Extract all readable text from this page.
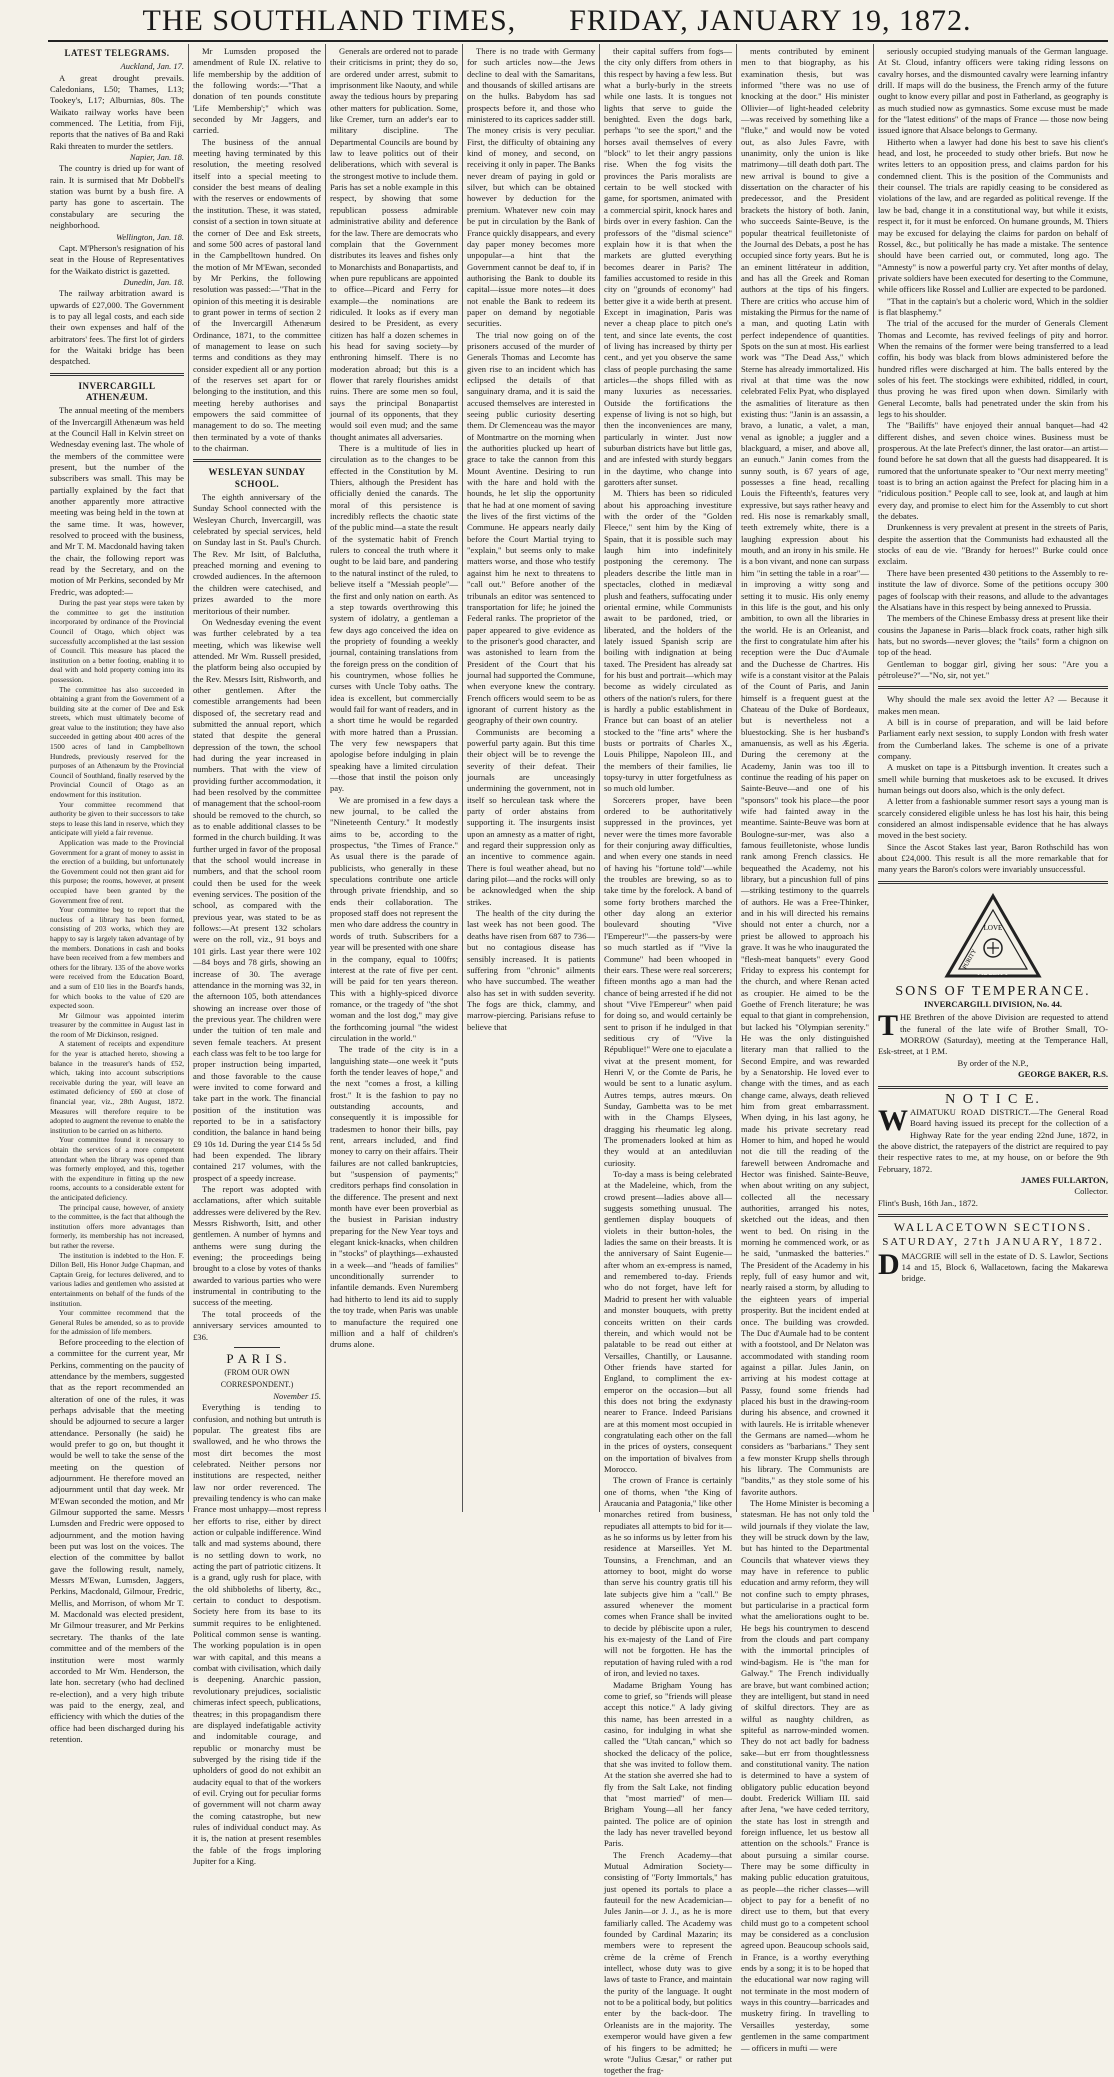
THE SOUTHLAND TIMES, FRIDAY, JANUARY 19, 1872.
LATEST TELEGRAMS.
Auckland, Jan. 17.

A great drought prevails. Caledonians, L50; Thames, L13; Tookey's, L17; Alburnias, 80s. The Waikato railway works have been commenced. The Letitia, from Fiji, reports that the natives of Ba and Raki Raki threaten to murder the settlers.

Napier, Jan. 18.

The country is dried up for want of rain. It is surmised that Mr Dobbell's station was burnt by a bush fire. A party has gone to ascertain. The constabulary are securing the neighborhood.

Wellington, Jan. 18.

Capt. M'Pherson's resignation of his seat in the House of Representatives for the Waikato district is gazetted.

Dunedin, Jan. 18.

The railway arbitration award is upwards of £27,000. The Government is to pay all legal costs, and each side their own expenses and half of the arbitrators' fees. The first lot of girders for the Waitaki bridge has been despatched.

INVERCARGILL ATHENÆUM.

The annual meeting of the members of the Invercargill Athenæum was held at the Council Hall in Kelvin street on Wednesday evening last. The whole of the members of the committee were present, but the number of the subscribers was small. This may be partially explained by the fact that another apparently more attractive meeting was being held in the town at the same time. It was, however, resolved to proceed with the business, and Mr T. M. Macdonald having taken the chair, the following report was read by the Secretary, and on the motion of Mr Perkins, seconded by Mr Fredric, was adopted:—

During the past year steps were taken by the committee to get the institution incorporated by ordinance of the Provincial Council of Otago, which object was successfully accomplished at the last session of Council. This measure has placed the institution on a better footing, enabling it to deal with and hold property coming into its possession.

The committee has also succeeded in obtaining a grant from the Government of a building site at the corner of Dee and Esk streets, which must ultimately become of great value to the institution; they have also succeeded in getting about 400 acres of the 1500 acres of land in Campbelltown Hundreds, previously reserved for the purposes of an Athenæum by the Provincial Council of Southland, finally reserved by the Provincial Council of Otago as an endowment for this institution.

Your committee recommend that authority be given to their successors to take steps to lease this land in reserve, which they anticipate will yield a fair revenue.

Application was made to the Provincial Government for a grant of money to assist in the erection of a building, but unfortunately the Government could not then grant aid for this purpose; the rooms, however, at present occupied have been granted by the Government free of rent.

Your committee beg to report that the nucleus of a library has been formed, consisting of 203 works, which they are happy to say is largely taken advantage of by the members. Donations in cash and books have been received from a few members and others for the library. 135 of the above works were received from the Education Board, and a sum of £10 lies in the Board's hands, for which books to the value of £20 are expected soon.

Mr Gilmour was appointed interim treasurer by the committee in August last in the room of Mr Dickinson, resigned.

A statement of receipts and expenditure for the year is attached hereto, showing a balance in the treasurer's hands of £52, which, taking into account subscriptions receivable during the year, will leave an estimated deficiency of £60 at close of financial year, viz., 28th August, 1872. Measures will therefore require to be adopted to augment the revenue to enable the institution to be carried on as hitherto.

Your committee found it necessary to obtain the services of a more competent attendant when the library was opened than was formerly employed, and this, together with the expenditure in fitting up the new rooms, accounts to a considerable extent for the anticipated deficiency.

The principal cause, however, of anxiety to the committee, is the fact that although the institution offers more advantages than formerly, its membership has not increased, but rather the reverse.

The institution is indebted to the Hon. F. Dillon Bell, His Honor Judge Chapman, and Captain Greig, for lectures delivered, and to various ladies and gentlemen who assisted at entertainments on behalf of the funds of the institution.

Your committee recommend that the General Rules be amended, so as to provide for the admission of life members.

Before proceeding to the election of a committee for the current year, Mr Perkins, commenting on the paucity of attendance by the members, suggested that as the report recommended an alteration of one of the rules, it was perhaps advisable that the meeting should be adjourned to secure a larger attendance. Personally (he said) he would prefer to go on, but thought it would be well to take the sense of the meeting on the question of adjournment. He therefore moved an adjournment until that day week. Mr M'Ewan seconded the motion, and Mr Gilmour supported the same. Messrs Lumsden and Fredric were opposed to adjournment, and the motion having been put was lost on the voices. The election of the committee by ballot gave the following result, namely, Messrs M'Ewan, Lumsden, Jaggers, Perkins, Macdonald, Gilmour, Fredric, Mellis, and Morrison, of whom Mr T. M. Macdonald was elected president, Mr Gilmour treasurer, and Mr Perkins secretary. The thanks of the late committee and of the members of the institution were most warmly accorded to Mr Wm. Henderson, the late hon. secretary (who had declined re-election), and a very high tribute was paid to the energy, zeal, and efficiency with which the duties of the office had been discharged during his retention.

Mr Lumsden proposed the amendment of Rule IX. relative to life membership by the addition of the following words:—"That a donation of ten pounds constitute 'Life Membership';" which was seconded by Mr Jaggers, and carried.

The business of the annual meeting having terminated by this resolution, the meeting resolved itself into a special meeting to consider the best means of dealing with the reserves or endowments of the institution. These, it was stated, consist of a section in town situate at the corner of Dee and Esk streets, and some 500 acres of pastoral land in the Campbelltown hundred. On the motion of Mr M'Ewan, seconded by Mr Perkins, the following resolution was passed:—"That in the opinion of this meeting it is desirable to grant power in terms of section 2 of the Invercargill Athenæum Ordinance, 1871, to the committee of management to lease on such terms and conditions as they may consider expedient all or any portion of the reserves set apart for or belonging to the institution, and this meeting hereby authorises and empowers the said committee of management to do so. The meeting then terminated by a vote of thanks to the chairman.

WESLEYAN SUNDAY SCHOOL.

The eighth anniversary of the Sunday School connected with the Wesleyan Church, Invercargill, was celebrated by special services, held on Sunday last in St. Paul's Church. The Rev. Mr Isitt, of Balclutha, preached morning and evening to crowded audiences. In the afternoon the children were catechised, and prizes awarded to the more meritorious of their number.

On Wednesday evening the event was further celebrated by a tea meeting, which was likewise well attended. Mr Wm. Russell presided, the platform being also occupied by the Rev. Messrs Isitt, Rishworth, and other gentlemen. After the comestible arrangements had been disposed of, the secretary read and submitted the annual report, which stated that despite the general depression of the town, the school had during the year increased in numbers. That with the view of providing further accommodation, it had been resolved by the committee of management that the school-room should be removed to the church, so as to enable additional classes to be formed in the church building. It was further urged in favor of the proposal that the school would increase in numbers, and that the school room could then be used for the week evening services. The position of the school, as compared with the previous year, was stated to be as follows:—At present 132 scholars were on the roll, viz., 91 boys and 101 girls. Last year there were 102—84 boys and 78 girls, showing an increase of 30. The average attendance in the morning was 32, in the afternoon 105, both attendances showing an increase over those of the previous year. The children were under the tuition of ten male and seven female teachers. At present each class was felt to be too large for proper instruction being imparted, and those favorable to the cause were invited to come forward and take part in the work. The financial position of the institution was reported to be in a satisfactory condition, the balance in hand being £9 10s 1d. During the year £14 5s 5d had been expended. The library contained 217 volumes, with the prospect of a speedy increase.

The report was adopted with acclamations, after which suitable addresses were delivered by the Rev. Messrs Rishworth, Isitt, and other gentlemen. A number of hymns and anthems were sung during the evening; the proceedings being brought to a close by votes of thanks awarded to various parties who were instrumental in contributing to the success of the meeting.

The total proceeds of the anniversary services amounted to £36.

P A R I S.
(FROM OUR OWN CORRESPONDENT.)
November 15.

Everything is tending to confusion, and nothing but untruth is popular. The greatest fibs are swallowed, and he who throws the most dirt becomes the most celebrated. Neither persons nor institutions are respected, neither law nor order reverenced. The prevailing tendency is who can make France most unhappy—most repress her efforts to rise, either by direct action or culpable indifference. Wind talk and mad systems abound, there is no settling down to work, no acting the part of patriotic citizens. It is a grand, ugly rush for place, with the old shibboleths of liberty, &c., certain to conduct to despotism. Society here from its base to its summit requires to be enlightened. Political common sense is wanting. The working population is in open war with capital, and this means a combat with civilisation, which daily is deepening. Anarchic passion, revolutionary prejudices, socialistic chimeras infect speech, publications, theatres; in this propagandism there are displayed indefatigable activity and indomitable courage, and republic or monarchy must be subverged by the rising tide if the upholders of good do not exhibit an audacity equal to that of the workers of evil. Crying out for peculiar forms of government will not charm away the coming catastrophe, but new rules of individual conduct may. As it is, the nation at present resembles the fable of the frogs imploring Jupiter for a King.

Generals are ordered not to parade their criticisms in print; they do so, are ordered under arrest, submit to imprisonment like Naouty, and while away the tedious hours by preparing other matters for publication. Some, like Cremer, turn an adder's ear to military discipline. The Departmental Councils are bound by law to leave politics out of their deliberations, which with several is the strongest motive to include them. Paris has set a noble example in this respect, by showing that some republican possess admirable administrative ability and deference for the law. There are democrats who complain that the Government distributes its leaves and fishes only to Monarchists and Bonapartists, and when pure republicans are appointed to office—Picard and Ferry for example—the nominations are ridiculed. It looks as if every man desired to be President, as every citizen has half a dozen schemes in his head for saving society—by enthroning himself. There is no moderation abroad; but this is a flower that rarely flourishes amidst ruins. There are some men so foul, says the principal Bonapartist journal of its opponents, that they would soil even mud; and the same thought animates all adversaries.

There is a multitude of lies in circulation as to the changes to be effected in the Constitution by M. Thiers, although the President has officially denied the canards. The moral of this persistence is incredibly reflects the chaotic state of the public mind—a state the result of the systematic habit of French rulers to conceal the truth where it ought to be laid bare, and pandering to the natural instinct of the ruled, to believe itself a "Messiah people"—the first and only nation on earth. As a step towards overthrowing this system of idolatry, a gentleman a few days ago conceived the idea on the propriety of founding a weekly journal, containing translations from the foreign press on the condition of his countrymen, whose follies he curses with Uncle Toby oaths. The idea is excellent, but commercially would fail for want of readers, and in a short time he would be regarded with more hatred than a Prussian. The very few newspapers that apologise before indulging in plain speaking have a limited circulation—those that instil the poison only pay.

We are promised in a few days a new journal, to be called the "Nineteenth Century." It modestly aims to be, according to the prospectus, "the Times of France." As usual there is the parade of publicists, who generally in these speculations contribute one article through private friendship, and so ends their collaboration. The proposed staff does not represent the men who dare address the country in words of truth. Subscribers for a year will be presented with one share in the company, equal to 100frs; interest at the rate of five per cent. will be paid for ten years thereon. This with a highly-spiced divorce romance, or the tragedy of "the shot woman and the lost dog," may give the forthcoming journal "the widest circulation in the world."

The trade of the city is in a languishing state—one week it "puts forth the tender leaves of hope," and the next "comes a frost, a killing frost." It is the fashion to pay no outstanding accounts, and consequently it is impossible for tradesmen to honor their bills, pay rent, arrears included, and find money to carry on their affairs. Their failures are not called bankruptcies, but "suspension of payments;" creditors perhaps find consolation in the difference. The present and next month have ever been proverbial as the busiest in Parisian industry preparing for the New Year toys and elegant knick-knacks, when children in "stocks" of playthings—exhausted in a week—and "heads of families" unconditionally surrender to infantile demands. Even Nuremberg had hitherto to lend its aid to supply the toy trade, when Paris was unable to manufacture the required one million and a half of children's drums alone.

There is no trade with Germany for such articles now—the Jews decline to deal with the Samaritans, and thousands of skilled artisans are on the hulks. Babydom has sad prospects before it, and those who ministered to its caprices sadder still. The money crisis is very peculiar. First, the difficulty of obtaining any kind of money, and second, on receiving it only in paper. The Banks never dream of paying in gold or silver, but which can be obtained however by deduction for the premium. Whatever new coin may be put in circulation by the Bank of France quickly disappears, and every day paper money becomes more unpopular—a hint that the Government cannot be deaf to, if in authorising the Bank to double its capital—issue more notes—it does not enable the Bank to redeem its paper on demand by negotiable securities.

The trial now going on of the prisoners accused of the murder of Generals Thomas and Lecomte has given rise to an incident which has eclipsed the details of that sanguinary drama, and it is said the accused themselves are interested in seeing public curiosity deserting them. Dr Clemenceau was the mayor of Montmartre on the morning when the authorities plucked up heart of grace to take the cannon from this Mount Aventine. Desiring to run with the hare and hold with the hounds, he let slip the opportunity that he had at one moment of saving the lives of the first victims of the Commune. He appears nearly daily before the Court Martial trying to "explain," but seems only to make matters worse, and those who testify against him he next to threatens to "call out." Before another of the tribunals an editor was sentenced to transportation for life; he joined the Federal ranks. The proprietor of the paper appeared to give evidence as to the prisoner's good character, and was astonished to learn from the President of the Court that his journal had supported the Commune, when everyone knew the contrary. French officers would seem to be as ignorant of current history as the geography of their own country.

Communists are becoming a powerful party again. But this time their object will be to revenge the severity of their defeat. Their journals are unceasingly undermining the government, not in itself so herculean task where the party of order abstains from supporting it. The insurgents insist upon an amnesty as a matter of right, and regard their suppression only as an incentive to commence again. There is foul weather ahead, but no daring pilot—and the rocks will only be acknowledged when the ship strikes.

The health of the city during the last week has not been good. The deaths have risen from 687 to 736—but no contagious disease has sensibly increased. It is patients suffering from "chronic" ailments who have succumbed. The weather also has set in with sudden severity. The fogs are thick, clammy, and marrow-piercing. Parisians refuse to believe that

their capital suffers from fogs—the city only differs from others in this respect by having a few less. But what a burly-burly in the streets while one lasts. It is tongues not lights that serve to guide the benighted. Even the dogs bark, perhaps "to see the sport," and the horses avail themselves of every "block" to let their angry passions rise. When the fog visits the provinces the Paris moralists are certain to be well stocked with game, for sportsmen, animated with a commercial spirit, knock hares and birds over in every fashion. Can the professors of the "dismal science" explain how it is that when the markets are glutted everything becomes dearer in Paris? The families accustomed to reside in this city on "grounds of economy" had better give it a wide berth at present. Except in imagination, Paris was never a cheap place to pitch one's tent, and since late events, the cost of living has increased by thirty per cent., and yet you observe the same class of people purchasing the same articles—the shops filled with as many luxuries as necessaries. Outside the fortifications the expense of living is not so high, but then the inconveniences are many, particularly in winter. Just now suburban districts have but little gas, and are infested with sturdy beggars in the daytime, who change into garotters after sunset.

M. Thiers has been so ridiculed about his approaching investiture with the order of the "Golden Fleece," sent him by the King of Spain, that it is possible such may laugh him into indefinitely postponing the ceremony. The pleaders describe the little man in spectacles, clothed in mediæval plush and feathers, suffocating under oriental ermine, while Communists await to be pardoned, tried, or liberated, and the holders of the lately issued Spanish scrip are boiling with indignation at being taxed. The President has already sat for his bust and portrait—which may become as widely circulated as others of the nation's rulers, for there is hardly a public establishment in France but can boast of an atelier stocked to the "fine arts" where the busts or portraits of Charles X., Louis Philippe, Napoleon III., and the members of their families, lie topsy-turvy in utter forgetfulness as so much old lumber.

Sorcerers proper, have been ordered to be authoritatively suppressed in the provinces, yet never were the times more favorable for their conjuring away difficulties, and when every one stands in need of having his "fortune told"—while the troubles are brewing, so as to take time by the forelock. A band of some forty brothers marched the other day along an exterior boulevard shouting "Vive l'Empereur!"—the passers-by were so much startled as if "Vive la Commune" had been whooped in their ears. These were real sorcerers; fifteen months ago a man had the chance of being arrested if he did not shout "Vive l'Empereur" when paid for doing so, and would certainly be sent to prison if he indulged in that seditious cry of "Vive la République!" Were one to ejaculate a vivat at the present moment, for Henri V, or the Comte de Paris, he would be sent to a lunatic asylum. Autres temps, autres mœurs. On Sunday, Gambetta was to be met with in the Champs Elysees, dragging his rheumatic leg along. The promenaders looked at him as they would at an antediluvian curiosity.

To-day a mass is being celebrated at the Madeleine, which, from the crowd present—ladies above all—suggests something unusual. The gentlemen display bouquets of violets in their button-holes, the ladies the same on their breasts. It is the anniversary of Saint Eugenie—after whom an ex-empress is named, and remembered to-day. Friends who do not forget, have left for Madrid to present her with valuable and monster bouquets, with pretty conceits written on their cards therein, and which would not be palatable to be read out either at Versailles, Chantilly, or Lausanne. Other friends have started for England, to compliment the ex-emperor on the occasion—but all this does not bring the exdynasty nearer to France. Indeed Parisians are at this moment most occupied in congratulating each other on the fall in the prices of oysters, consequent on the importation of bivalves from Morocco.

The crown of France is certainly one of thorns, when "the King of Araucania and Patagonia," like other monarches retired from business, repudiates all attempts to bid for it—as he so informs us by letter from his residence at Marseilles. Yet M. Tounsins, a Frenchman, and an attorney to boot, might do worse than serve his country gratis till his late subjects give him a "call." Be assured whenever the moment comes when France shall be invited to decide by plébiscite upon a ruler, his ex-majesty of the Land of Fire will not be forgotten. He has the reputation of having ruled with a rod of iron, and levied no taxes.

Madame Brigham Young has come to grief, so "friends will please accept this notice." A lady giving this name, has been arrested in a casino, for indulging in what she called the "Utah cancan," which so shocked the delicacy of the police, that she was invited to follow them. At the station she averred she had to fly from the Salt Lake, not finding that "most married" of men—Brigham Young—all her fancy painted. The police are of opinion the lady has never travelled beyond Paris.

The French Academy—that Mutual Admiration Society—consisting of "Forty Immortals," has just opened its portals to place a fauteuil for the new Academician—Jules Janin—or J. J., as he is more familiarly called. The Academy was founded by Cardinal Mazarin; its members were to represent the crème de la crème of French intellect, whose duty was to give laws of taste to France, and maintain the purity of the language. It ought not to be a political body, but politics enter by the back-door. The Orleanists are in the majority. The exemperor would have given a few of his fingers to be admitted; he wrote "Julius Cæsar," or rather put together the frag-

ments contributed by eminent men to that biography, as his examination thesis, but was informed "there was no use of knocking at the door." His minister Ollivier—of light-headed celebrity—was received by something like a "fluke," and would now be voted out, as also Jules Favre, with unanimity, only the union is like matrimony—till death doth part. The new arrival is bound to give a dissertation on the character of his predecessor, and the President brackets the history of both. Janin, who succeeds Sainte-Beuve, is the popular theatrical feuilletoniste of the Journal des Debats, a post he has occupied since forty years. But he is an eminent littérateur in addition, and has all the Greek and Roman authors at the tips of his fingers. There are critics who accuse him of mistaking the Pirmus for the name of a man, and quoting Latin with perfect independence of quantities. Spots on the sun at most. His earliest work was "The Dead Ass," which Sterne has already immortalized. His rival at that time was the now celebrated Felix Pyat, who displayed the asmalities of literature as then existing thus: "Janin is an assassin, a bravo, a lunatic, a valet, a man, venal as ignoble; a juggler and a blackguard, a miser, and above all, an eunuch." Janin comes from the sunny south, is 67 years of age, possesses a fine head, recalling Louis the Fifteenth's, features very expressive, but says rather heavy and red. His nose is remarkably small, teeth extremely white, there is a laughing expression about his mouth, and an irony in his smile. He is a bon vivant, and none can surpass him "in setting the table in a roar"—in improving a witty song and setting it to music. His only enemy in this life is the gout, and his only ambition, to own all the libraries in the world. He is an Orleanist, and the first to congratulate him after his reception were the Duc d'Aumale and the Duchesse de Chartres. His wife is a constant visitor at the Palais of the Count of Paris, and Janin himself is a frequent guest at the Chateau of the Duke of Bordeaux, but is nevertheless not a bluestocking. She is her husband's amanuensis, as well as his Ægeria. During the ceremony at the Academy, Janin was too ill to continue the reading of his paper on Sainte-Beuve—and one of his "sponsors" took his place—the poor wife had fainted away in the meantime. Sainte-Beuve was born at Boulogne-sur-mer, was also a famous feuilletoniste, whose lundis rank among French classics. He bequeathed the Academy, not his library, but a pincushion full of pins—striking testimony to the quarrels of authors. He was a Free-Thinker, and in his will directed his remains should not enter a church, nor a priest be allowed to approach his grave. It was he who inaugurated the "flesh-meat banquets" every Good Friday to express his contempt for the church, and where Renan acted as croupier. He aimed to be the Goethe of French literature; he was equal to that giant in comprehension, but lacked his "Olympian serenity." He was the only distinguished literary man that rallied to the Second Empire, and was rewarded by a Senatorship. He loved ever to change with the times, and as each change came, always, death relieved him from great embarrassment. When dying, in his last agony, he made his private secretary read Homer to him, and hoped he would not die till the reading of the farewell between Andromache and Hector was finished. Sainte-Beuve, when about writing on any subject, collected all the necessary authorities, arranged his notes, sketched out the ideas, and then went to bed. On rising in the morning he commenced work, or as he said, "unmasked the batteries." The President of the Academy in his reply, full of easy humor and wit, nearly raised a storm, by alluding to the eighteen years of imperial prosperity. But the incident ended at once. The building was crowded. The Duc d'Aumale had to be content with a footstool, and Dr Nelaton was accommodated with standing room against a pillar. Jules Janin, on arriving at his modest cottage at Passy, found some friends had placed his bust in the drawing-room during his absence, and crowned it with laurels. He is irritable whenever the Germans are named—whom he considers as "barbarians." They sent a few monster Krupp shells through his library. The Communists are "bandits," as they stole some of his favorite authors.

The Home Minister is becoming a statesman. He has not only told the wild journals if they violate the law, they will be struck down by the law, but has hinted to the Departmental Councils that whatever views they may have in reference to public education and army reform, they will not confine such to empty phrases, but particularise in a practical form what the ameliorations ought to be. He begs his countrymen to descend from the clouds and part company with the immortal principles of wind-bagism. He is "the man for Galway." The French individually are brave, but want combined action; they are intelligent, but stand in need of skilful directors. They are as wilful as naughty children, as spiteful as narrow-minded women. They do not act badly for badness sake—but err from thoughtlessness and constitutional vanity. The nation is determined to have a system of obligatory public education beyond doubt. Frederick William III. said after Jena, "we have ceded territory, the state has lost in strength and foreign influence, let us bestow all attention on the schools." France is about pursuing a similar course. There may be some difficulty in making public education gratuitous, as people—the richer classes—will object to pay for a benefit of no direct use to them, but that every child must go to a competent school may be considered as a conclusion agreed upon. Beaucoup schools said, in France, is a worthy everything ends by a song; it is to be hoped that the educational war now raging will not terminate in the most modern of ways in this country—barricades and musketry firing. In travelling to Versailles yesterday, some gentlemen in the same compartment — officers in mufti — were

seriously occupied studying manuals of the German language. At St. Cloud, infantry officers were taking riding lessons on cavalry horses, and the dismounted cavalry were learning infantry drill. If maps will do the business, the French army of the future ought to know every pillar and post in Fatherland, as geography is as much studied now as gymnastics. Some excuse must be made for the "latest editions" of the maps of France — those now being issued ignore that Alsace belongs to Germany.

Hitherto when a lawyer had done his best to save his client's head, and lost, he proceeded to study other briefs. But now he writes letters to an opposition press, and claims pardon for his condemned client. This is the position of the Communists and their counsel. The trials are rapidly ceasing to be considered as violations of the law, and are regarded as political revenge. If the law be bad, change it in a constitutional way, but while it exists, respect it, for it must be enforced. On humane grounds, M. Thiers may be excused for delaying the claims for pardon on behalf of Rossel, &c., but politically he has made a mistake. The sentence should have been carried out, or commuted, long ago. The "Amnesty" is now a powerful party cry. Yet after months of delay, private soldiers have been executed for deserting to the Commune, while officers like Rossel and Lullier are expected to be pardoned.

"That in the captain's but a choleric word, Which in the soldier is flat blasphemy."

The trial of the accused for the murder of Generals Clement Thomas and Lecomte, has revived feelings of pity and horror. When the remains of the former were being transferred to a lead coffin, his body was black from blows administered before the hundred rifles were discharged at him. The balls entered by the soles of his feet. The stockings were exhibited, riddled, in court, thus proving he was fired upon when down. Similarly with General Lecomte, balls had penetrated under the skin from his legs to his shoulder.

The "Bailiffs" have enjoyed their annual banquet—had 42 different dishes, and seven choice wines. Business must be prosperous. At the late Prefect's dinner, the last orator—an artist—found before he sat down that all the guests had disappeared. It is rumored that the unfortunate speaker to "Our next merry meeting" toast is to bring an action against the Prefect for placing him in a "ridiculous position." People call to see, look at, and laugh at him every day, and promise to elect him for the Assembly to cut short the debates.

Drunkenness is very prevalent at present in the streets of Paris, despite the assertion that the Communists had exhausted all the stocks of eau de vie. "Brandy for heroes!" Burke could once exclaim.

There have been presented 430 petitions to the Assembly to re-institute the law of divorce. Some of the petitions occupy 300 pages of foolscap with their reasons, and allude to the advantages the Alsatians have in this respect by being annexed to Prussia.

The members of the Chinese Embassy dress at present like their cousins the Japanese in Paris—black frock coats, rather high silk hats, but no swords—never gloves; the "tails" form a chignon on top of the head.

Gentleman to boggar girl, giving her sous: "Are you a pétroleuse?"—"No, sir, not yet."

Why should the male sex avoid the letter A? — Because it makes men mean.

A bill is in course of preparation, and will be laid before Parliament early next session, to supply London with fresh water from the Cumberland lakes. The scheme is one of a private company.

A musket on tape is a Pittsburgh invention. It creates such a smell while burning that musketoes ask to be excused. It drives human beings out doors also, which is the only defect.

A letter from a fashionable summer resort says a young man is scarcely considered eligible unless he has lost his hair, this being considered an almost indispensable evidence that he has always moved in the best society.

Since the Ascot Stakes last year, Baron Rothschild has won about £24,000. This result is all the more remarkable that for many years the Baron's colors were invariably unsuccessful.

LOVE
PURITY
FIDELITY
SONS OF TEMPERANCE.
INVERCARGILL DIVISION, No. 44.
T HE Brethren of the above Division are requested to attend the funeral of the late wife of Brother Small, TO-MORROW (Saturday), meeting at the Temperance Hall, Esk-street, at 1 P.M.
By order of the N.P.,
GEORGE BAKER, R.S.
N O T I C E.
W AIMATUKU ROAD DISTRICT.—The General Road Board having issued its precept for the collection of a Highway Rate for the year ending 22nd June, 1872, in the above district, the ratepayers of the district are required to pay their respective rates to me, at my house, on or before the 9th February, 1872.
JAMES FULLARTON,
Collector.
Flint's Bush, 16th Jan., 1872.
WALLACETOWN SECTIONS.
SATURDAY, 27th JANUARY, 1872.
D MACGRIE will sell in the estate of D. S. Lawlor, Sections 14 and 15, Block 6, Wallacetown, facing the Makarewa bridge.
